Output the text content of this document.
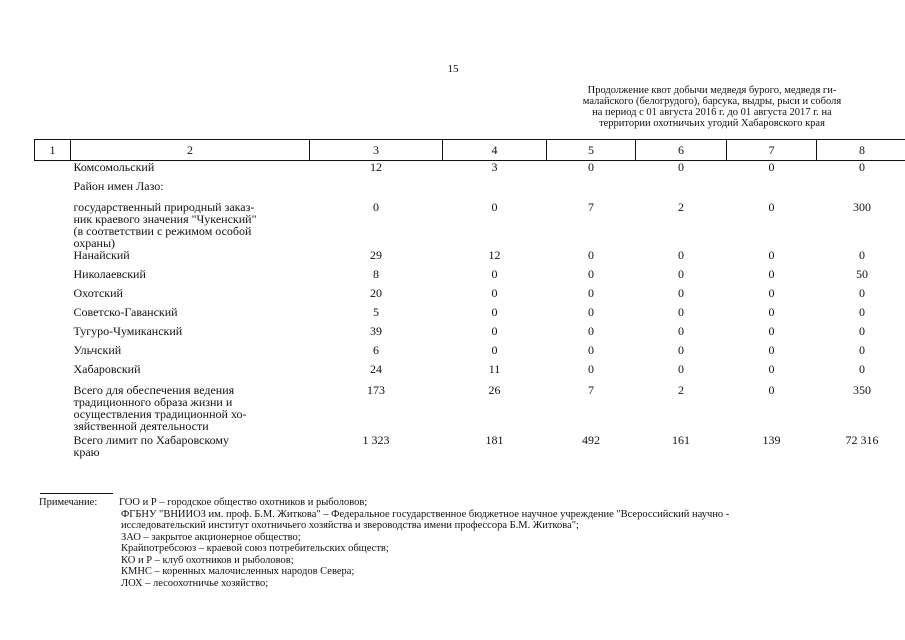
15
Продолжение квот добычи медведя бурого, медведя ги-
малайского (белогрудого), барсука, выдры, рыси и соболя
на период с 01 августа 2016 г. до 01 августа 2017 г. на
территории охотничьих угодий Хабаровского края
1	2	3	4	5	6	7	8

	Комсомольский	12	3	0	0	0	0

	Район имен Лазо:						

	государственный природный заказ-
ник краевого значения "Чукенский"
(в соответствии с режимом особой
охраны)	0	0	7	2	0	300

	Нанайский	29	12	0	0	0	0

	Николаевский	8	0	0	0	0	50

	Охотский	20	0	0	0	0	0

	Советско-Гаванский	5	0	0	0	0	0

	Тугуро-Чумиканский	39	0	0	0	0	0

	Ульчский	6	0	0	0	0	0

	Хабаровский	24	11	0	0	0	0

	Всего для обеспечения ведения
традиционного образа жизни и
осуществления традиционной хо-
зяйственной деятельности	173	26	7	2	0	350

	Всего лимит по Хабаровскому
краю	1 323	181	492	161	139	72 316
Примечание: ГОО и Р – городское общество охотников и рыболовов;
ФГБНУ "ВНИИОЗ им. проф. Б.М. Житкова" – Федеральное государственное бюджетное научное учреждение "Всероссийский научно -
исследовательский институт охотничьего хозяйства и звероводства имени профессора Б.М. Житкова";
ЗАО – закрытое акционерное общество;
Крайпотребсоюз – краевой союз потребительских обществ;
КО и Р – клуб охотников и рыболовов;
КМНС – коренных малочисленных народов Севера;
ЛОХ – лесоохотничье хозяйство;
